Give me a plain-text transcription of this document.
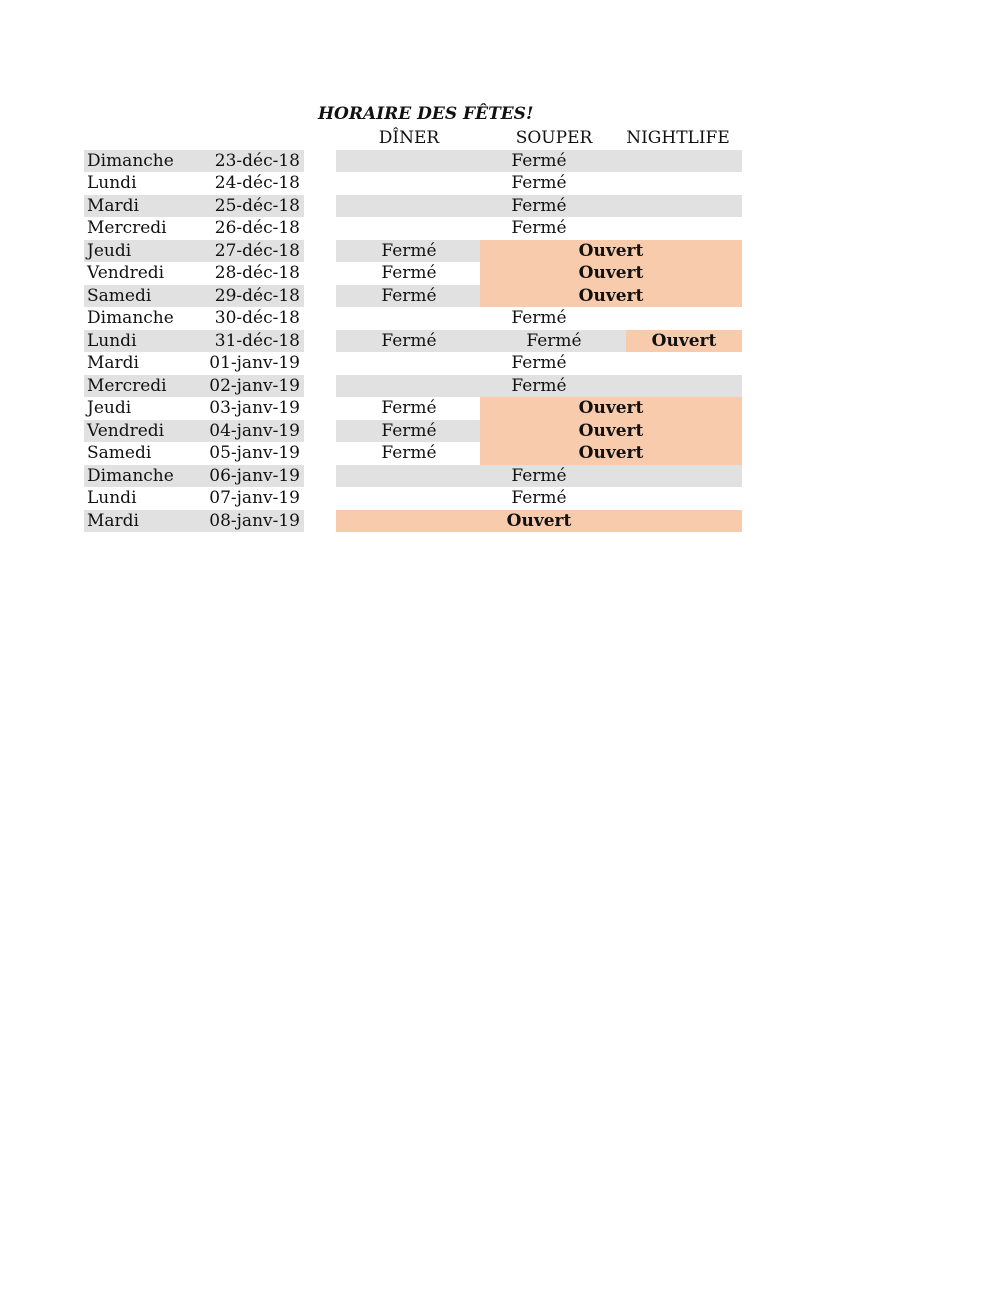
HORAIRE DES FÊTES!
DÎNER	SOUPER	NIGHTLIFE
Dimanche	23-déc-18	Fermé
Lundi	24-déc-18	Fermé
Mardi	25-déc-18	Fermé
Mercredi	26-déc-18	Fermé
Jeudi	27-déc-18	Fermé	Ouvert
Vendredi	28-déc-18	Fermé	Ouvert
Samedi	29-déc-18	Fermé	Ouvert
Dimanche	30-déc-18	Fermé
Lundi	31-déc-18	Fermé	Fermé	Ouvert
Mardi	01-janv-19	Fermé
Mercredi	02-janv-19	Fermé
Jeudi	03-janv-19	Fermé	Ouvert
Vendredi	04-janv-19	Fermé	Ouvert
Samedi	05-janv-19	Fermé	Ouvert
Dimanche	06-janv-19	Fermé
Lundi	07-janv-19	Fermé
Mardi	08-janv-19	Ouvert
